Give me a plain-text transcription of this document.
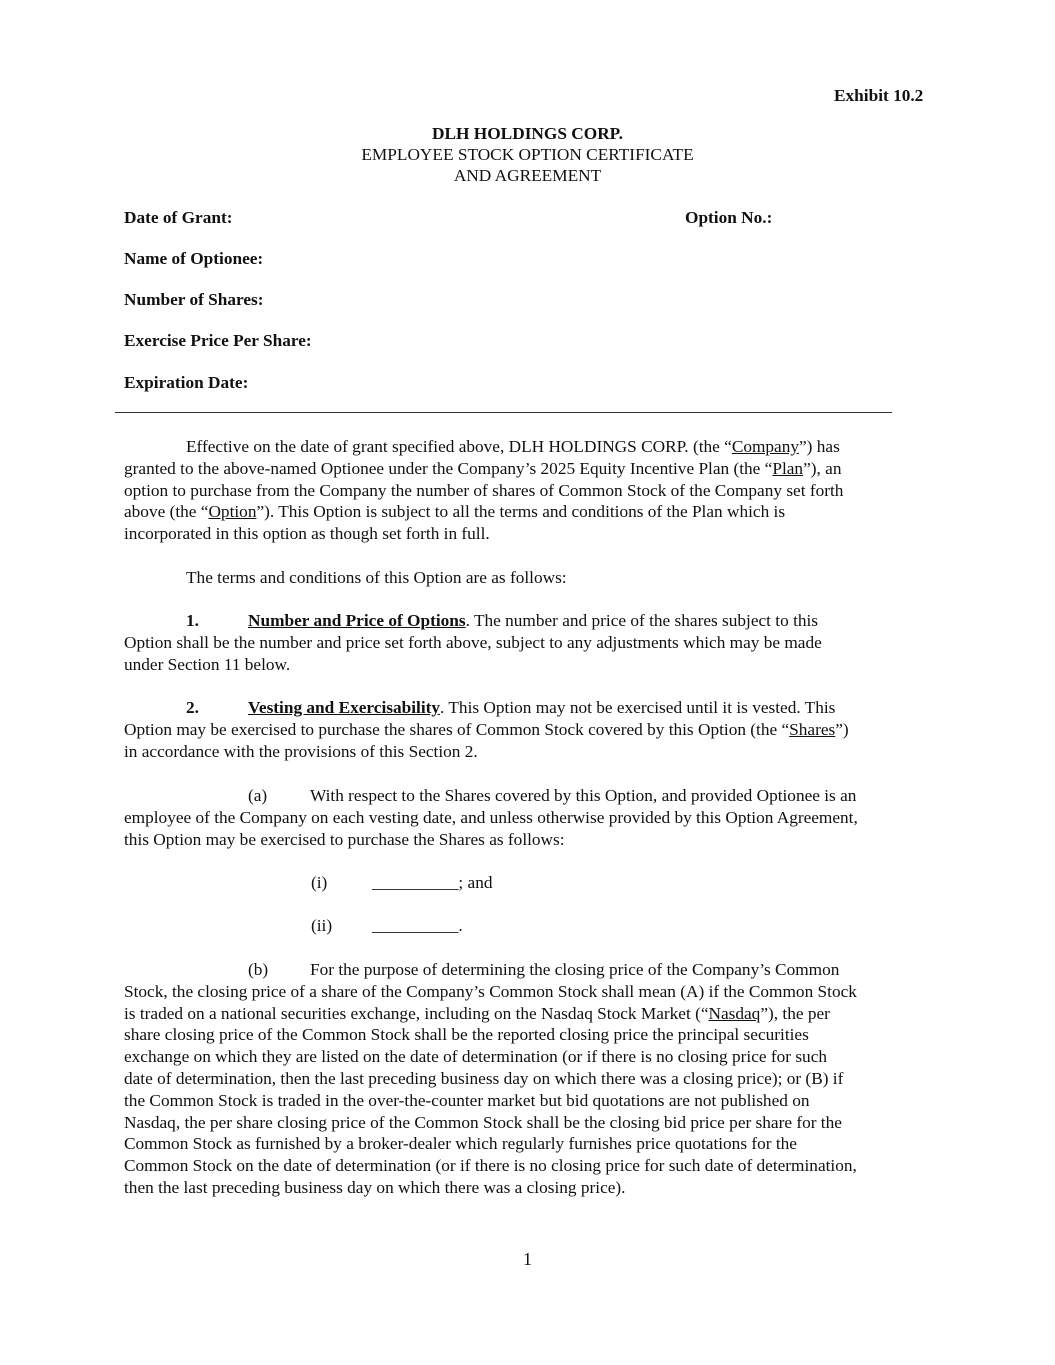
Exhibit 10.2
DLH HOLDINGS CORP.
EMPLOYEE STOCK OPTION CERTIFICATE
AND AGREEMENT
Date of Grant:	Option No.:
Name of Optionee:
Number of Shares:
Exercise Price Per Share:
Expiration Date:
Effective on the date of grant specified above, DLH HOLDINGS CORP. (the “Company”) has
granted to the above-named Optionee under the Company’s 2025 Equity Incentive Plan (the “Plan”), an
option to purchase from the Company the number of shares of Common Stock of the Company set forth
above (the “Option”). This Option is subject to all the terms and conditions of the Plan which is
incorporated in this option as though set forth in full.
The terms and conditions of this Option are as follows:
1.	Number and Price of Options. The number and price of the shares subject to this
Option shall be the number and price set forth above, subject to any adjustments which may be made
under Section 11 below.
2.	Vesting and Exercisability. This Option may not be exercised until it is vested. This
Option may be exercised to purchase the shares of Common Stock covered by this Option (the “Shares”)
in accordance with the provisions of this Section 2.
(a) With respect to the Shares covered by this Option, and provided Optionee is an
employee of the Company on each vesting date, and unless otherwise provided by this Option Agreement,
this Option may be exercised to purchase the Shares as follows:
(i)	__________; and
(ii) __________.
(b) For the purpose of determining the closing price of the Company’s Common
Stock, the closing price of a share of the Company’s Common Stock shall mean (A) if the Common Stock
is traded on a national securities exchange, including on the Nasdaq Stock Market (“Nasdaq”), the per
share closing price of the Common Stock shall be the reported closing price the principal securities
exchange on which they are listed on the date of determination (or if there is no closing price for such
date of determination, then the last preceding business day on which there was a closing price); or (B) if
the Common Stock is traded in the over-the-counter market but bid quotations are not published on
Nasdaq, the per share closing price of the Common Stock shall be the closing bid price per share for the
Common Stock as furnished by a broker-dealer which regularly furnishes price quotations for the
Common Stock on the date of determination (or if there is no closing price for such date of determination,
then the last preceding business day on which there was a closing price).
1
